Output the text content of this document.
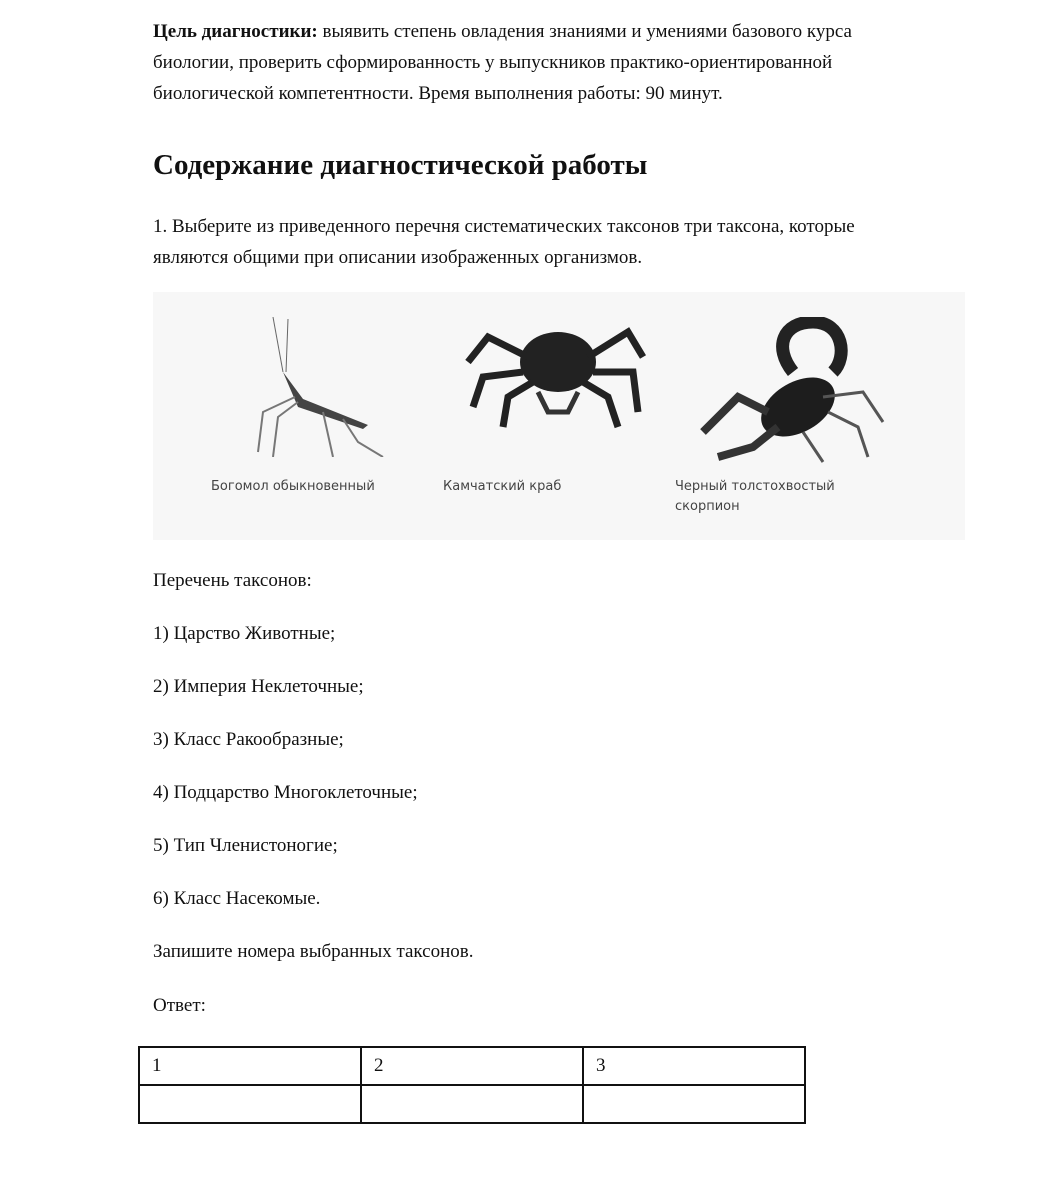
Цель диагностики: выявить степень овладения знаниями и умениями базового курса
биологии, проверить сформированность у выпускников практико-ориентированной
биологической компетентности. Время выполнения работы: 90 минут.

Содержание диагностической работы

1. Выберите из приведенного перечня систематических таксонов три таксона, которые
являются общими при описании изображенных организмов.

Богомол обыкновенный	Камчатский краб	Черный толстохвостый
скорпион

Перечень таксонов:

1) Царство Животные;

2) Империя Неклеточные;

3) Класс Ракообразные;

4) Подцарство Многоклеточные;

5) Тип Членистоногие;

6) Класс Насекомые.

Запишите номера выбранных таксонов.

Ответ:

1	2	3
